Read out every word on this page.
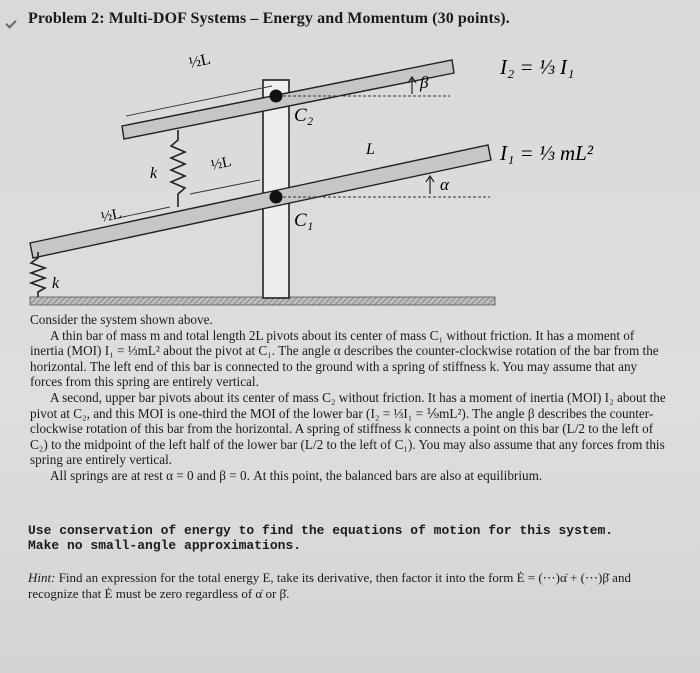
Problem 2: Multi-DOF Systems – Energy and Momentum (30 points).
½L
½L
½L
k
k
C₂
C₁
L
β
α
I₂ = ⅓ I₁
I₁ = ⅓ mL²

Consider the system shown above.

A thin bar of mass m and total length 2L pivots about its center of mass C₁ without friction. It has a moment of inertia (MOI) I₁ = ⅓mL² about the pivot at C₁. The angle α describes the counter-clockwise rotation of the bar from the horizontal. The left end of this bar is connected to the ground with a spring of stiffness k. You may assume that any forces from this spring are entirely vertical.

A second, upper bar pivots about its center of mass C₂ without friction. It has a moment of inertia (MOI) I₂ about the pivot at C₂, and this MOI is one-third the MOI of the lower bar (I₂ = ⅓I₁ = ⅑mL²). The angle β describes the counter-clockwise rotation of this bar from the horizontal. A spring of stiffness k connects a point on this bar (L/2 to the left of C₂) to the midpoint of the left half of the lower bar (L/2 to the left of C₁). You may also assume that any forces from this spring are entirely vertical.

All springs are at rest α = 0 and β = 0. At this point, the balanced bars are also at equilibrium.

Use conservation of energy to find the equations of motion for this system. Make no small-angle approximations.
Hint: Find an expression for the total energy E, take its derivative, then factor it into the form Ė = (⋯)α̇ + (⋯)β̇ and recognize that Ė must be zero regardless of α̇ or β̇.
